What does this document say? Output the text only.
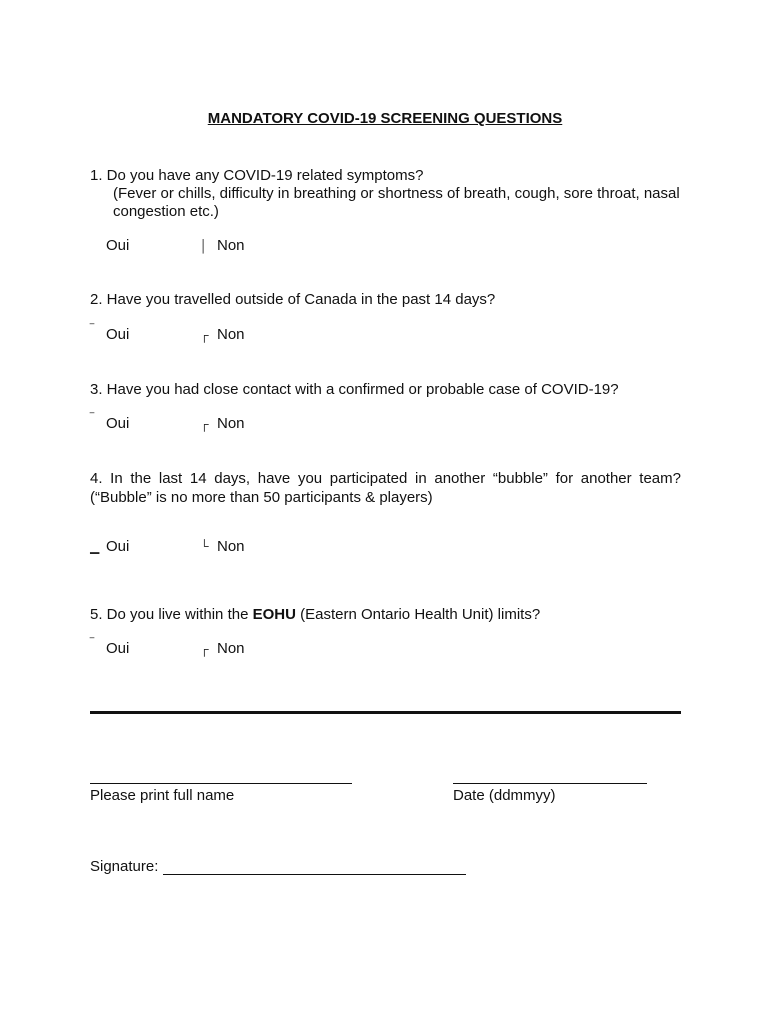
MANDATORY COVID-19 SCREENING QUESTIONS
1. Do you have any COVID-19 related symptoms?
(Fever or chills, difficulty in breathing or shortness of breath, cough, sore throat, nasal
congestion etc.)
Oui	│ Non
2. Have you travelled outside of Canada in the past 14 days?
‾ Oui	┌ Non
3. Have you had close contact with a confirmed or probable case of COVID-19?
‾ Oui	┌ Non
4. In the last 14 days, have you participated in another “bubble” for another team? (“Bubble” is no more than 50 participants & players)
▁ Oui	└ Non
5. Do you live within the EOHU (Eastern Ontario Health Unit) limits?
‾ Oui	┌ Non
Please print full name	Date (ddmmyy)
Signature:
